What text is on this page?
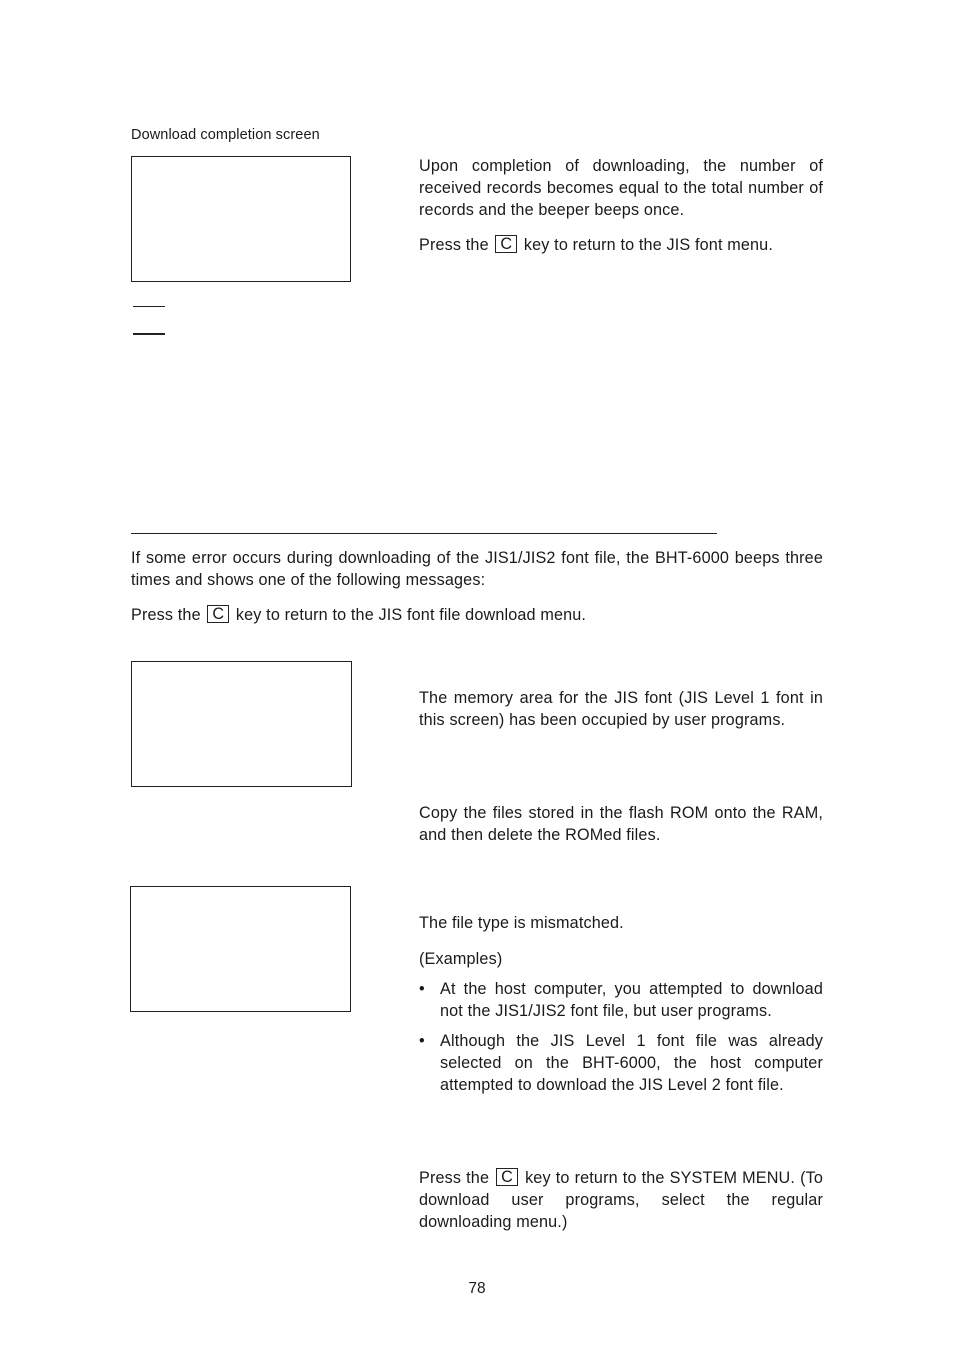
Download completion screen

Upon completion of downloading, the number of received records becomes equal to the total number of records and the beeper beeps once.

Press the C key to return to the JIS font menu.

If some error occurs during downloading of the JIS1/JIS2 font file, the BHT-6000 beeps three times and shows one of the following messages:

Press the C key to return to the JIS font file download menu.

The memory area for the JIS font (JIS Level 1 font in this screen) has been occupied by user programs.

Copy the files stored in the flash ROM onto the RAM, and then delete the ROMed files.

The file type is mismatched.

(Examples)

• At the host computer, you attempted to download not the JIS1/JIS2 font file, but user programs.
• Although the JIS Level 1 font file was already selected on the BHT-6000, the host computer attempted to download the JIS Level 2 font file.

Press the C key to return to the SYSTEM MENU. (To download user programs, select the regular downloading menu.)

78
